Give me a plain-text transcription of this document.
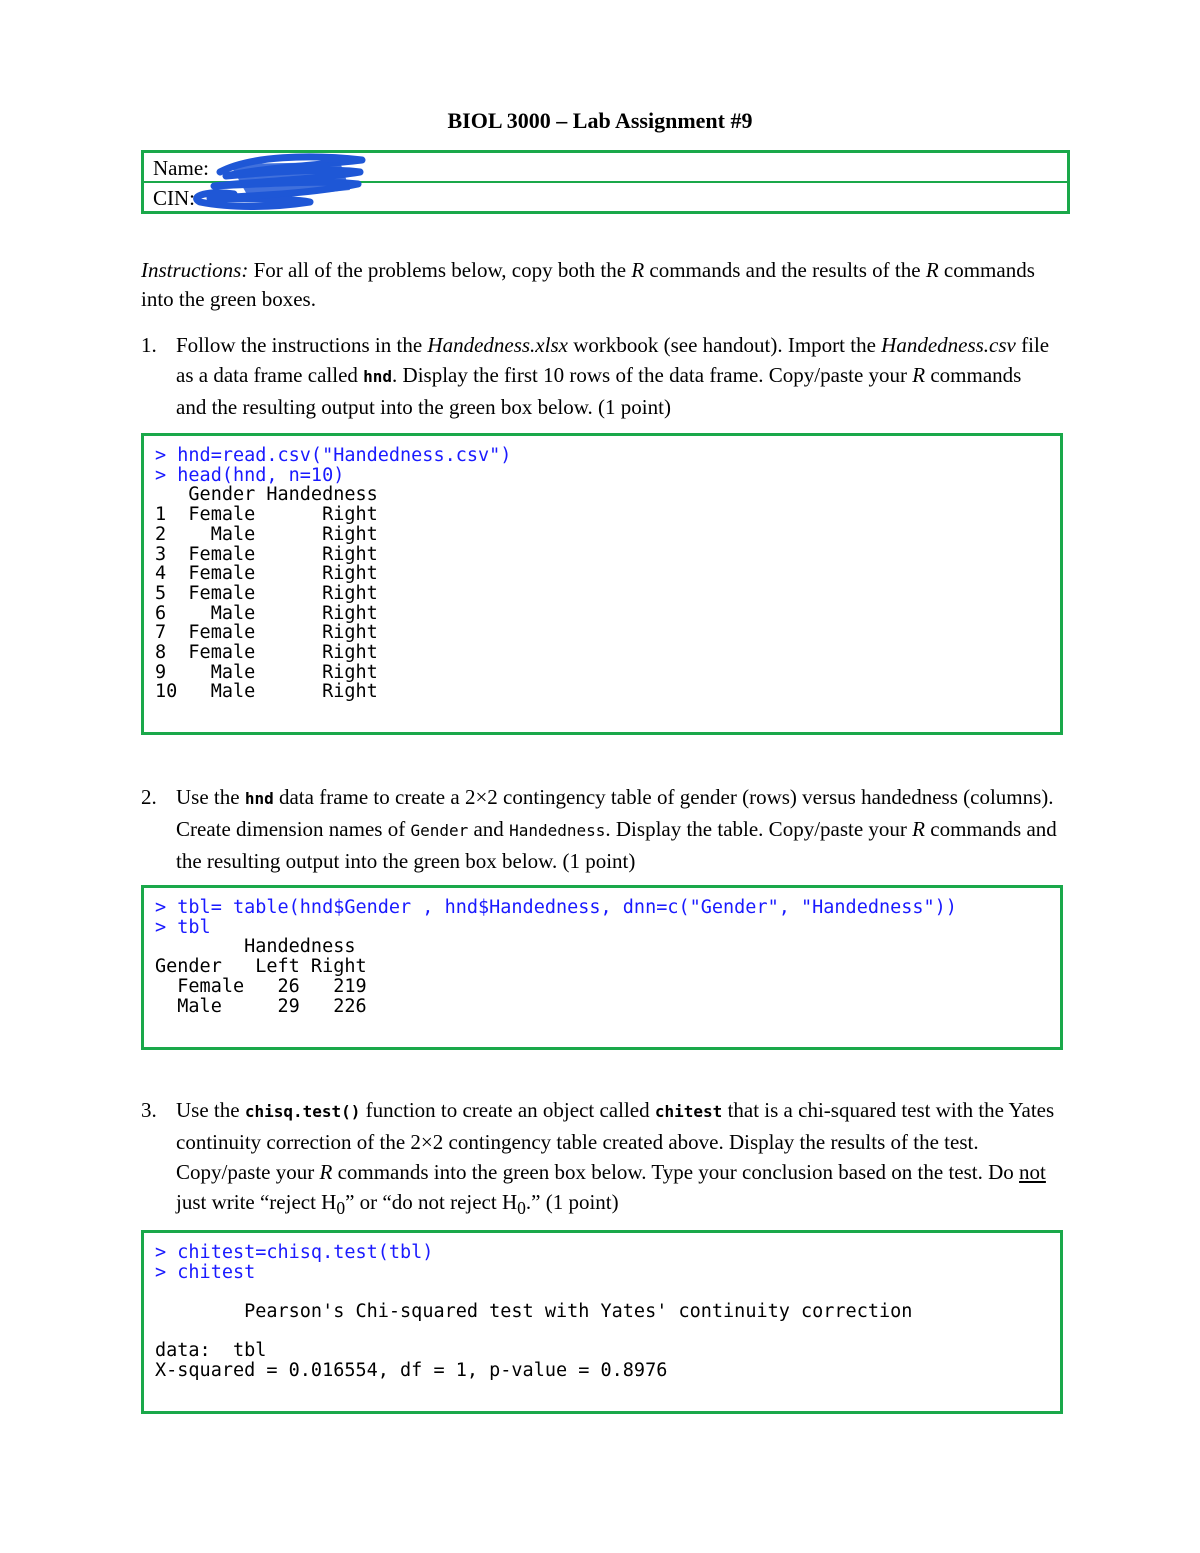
BIOL 3000 – Lab Assignment #9
Name:
CIN:
Instructions: For all of the problems below, copy both the R commands and the results of the R commands into the green boxes.
1. Follow the instructions in the Handedness.xlsx workbook (see handout). Import the Handedness.csv file as a data frame called hnd. Display the first 10 rows of the data frame. Copy/paste your R commands and the resulting output into the green box below. (1 point)
> hnd=read.csv("Handedness.csv")
> head(hnd, n=10)
Gender Handedness
1  Female      Right
2    Male      Right
3  Female      Right
4  Female      Right
5  Female      Right
6    Male      Right
7  Female      Right
8  Female      Right
9    Male      Right
10   Male      Right
2. Use the hnd data frame to create a 2×2 contingency table of gender (rows) versus handedness (columns). Create dimension names of Gender and Handedness. Display the table. Copy/paste your R commands and the resulting output into the green box below. (1 point)
> tbl= table(hnd$Gender , hnd$Handedness, dnn=c("Gender", "Handedness"))
> tbl
Handedness
Gender   Left Right
Female   26   219
Male     29   226
3. Use the chisq.test() function to create an object called chitest that is a chi-squared test with the Yates continuity correction of the 2×2 contingency table created above. Display the results of the test. Copy/paste your R commands into the green box below. Type your conclusion based on the test. Do not just write “reject $H_0$” or “do not reject $H_0$.” (1 point)
> chitest=chisq.test(tbl)
> chitest
	Pearson's Chi-squared test with Yates' continuity correction
data:  tbl
X-squared = 0.016554, df = 1, p-value = 0.8976
